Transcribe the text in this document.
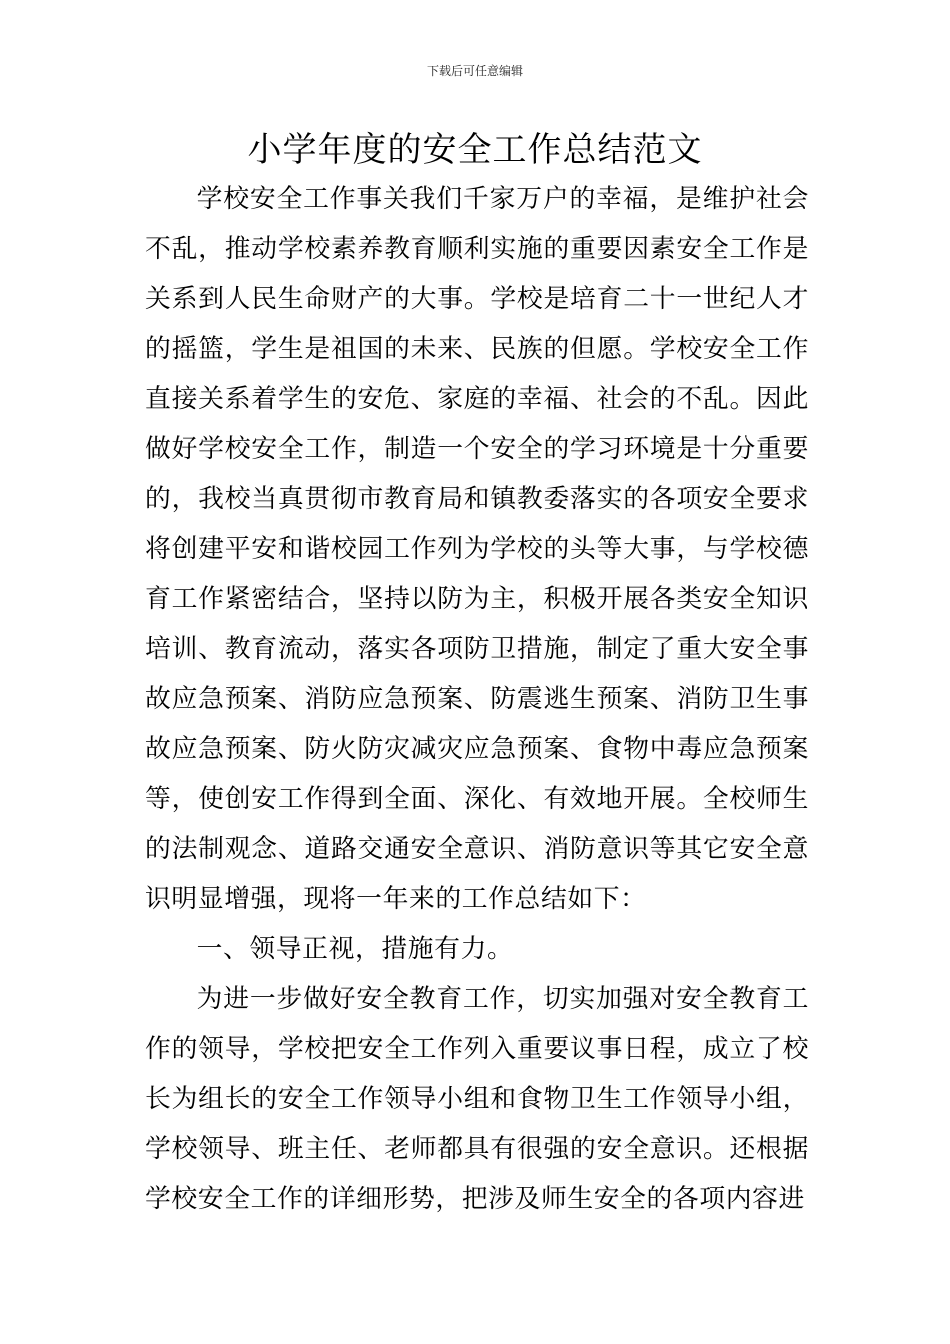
下载后可任意编辑
小学年度的安全工作总结范文

学校安全工作事关我们千家万户的幸福，是维护社会不乱，推动学校素养教育顺利实施的重要因素安全工作是关系到人民生命财产的大事。学校是培育二十一世纪人才的摇篮，学生是祖国的未来、民族的但愿。学校安全工作直接关系着学生的安危、家庭的幸福、社会的不乱。因此做好学校安全工作，制造一个安全的学习环境是十分重要的，我校当真贯彻市教育局和镇教委落实的各项安全要求将创建平安和谐校园工作列为学校的头等大事，与学校德育工作紧密结合，坚持以防为主，积极开展各类安全知识培训、教育流动，落实各项防卫措施，制定了重大安全事故应急预案、消防应急预案、防震逃生预案、消防卫生事故应急预案、防火防灾减灾应急预案、食物中毒应急预案等，使创安工作得到全面、深化、有效地开展。全校师生的法制观念、道路交通安全意识、消防意识等其它安全意识明显增强，现将一年来的工作总结如下：

一、领导正视，措施有力。

为进一步做好安全教育工作，切实加强对安全教育工作的领导，学校把安全工作列入重要议事日程，成立了校长为组长的安全工作领导小组和食物卫生工作领导小组，学校领导、班主任、老师都具有很强的安全意识。还根据学校安全工作的详细形势，把涉及师生安全的各项内容进
